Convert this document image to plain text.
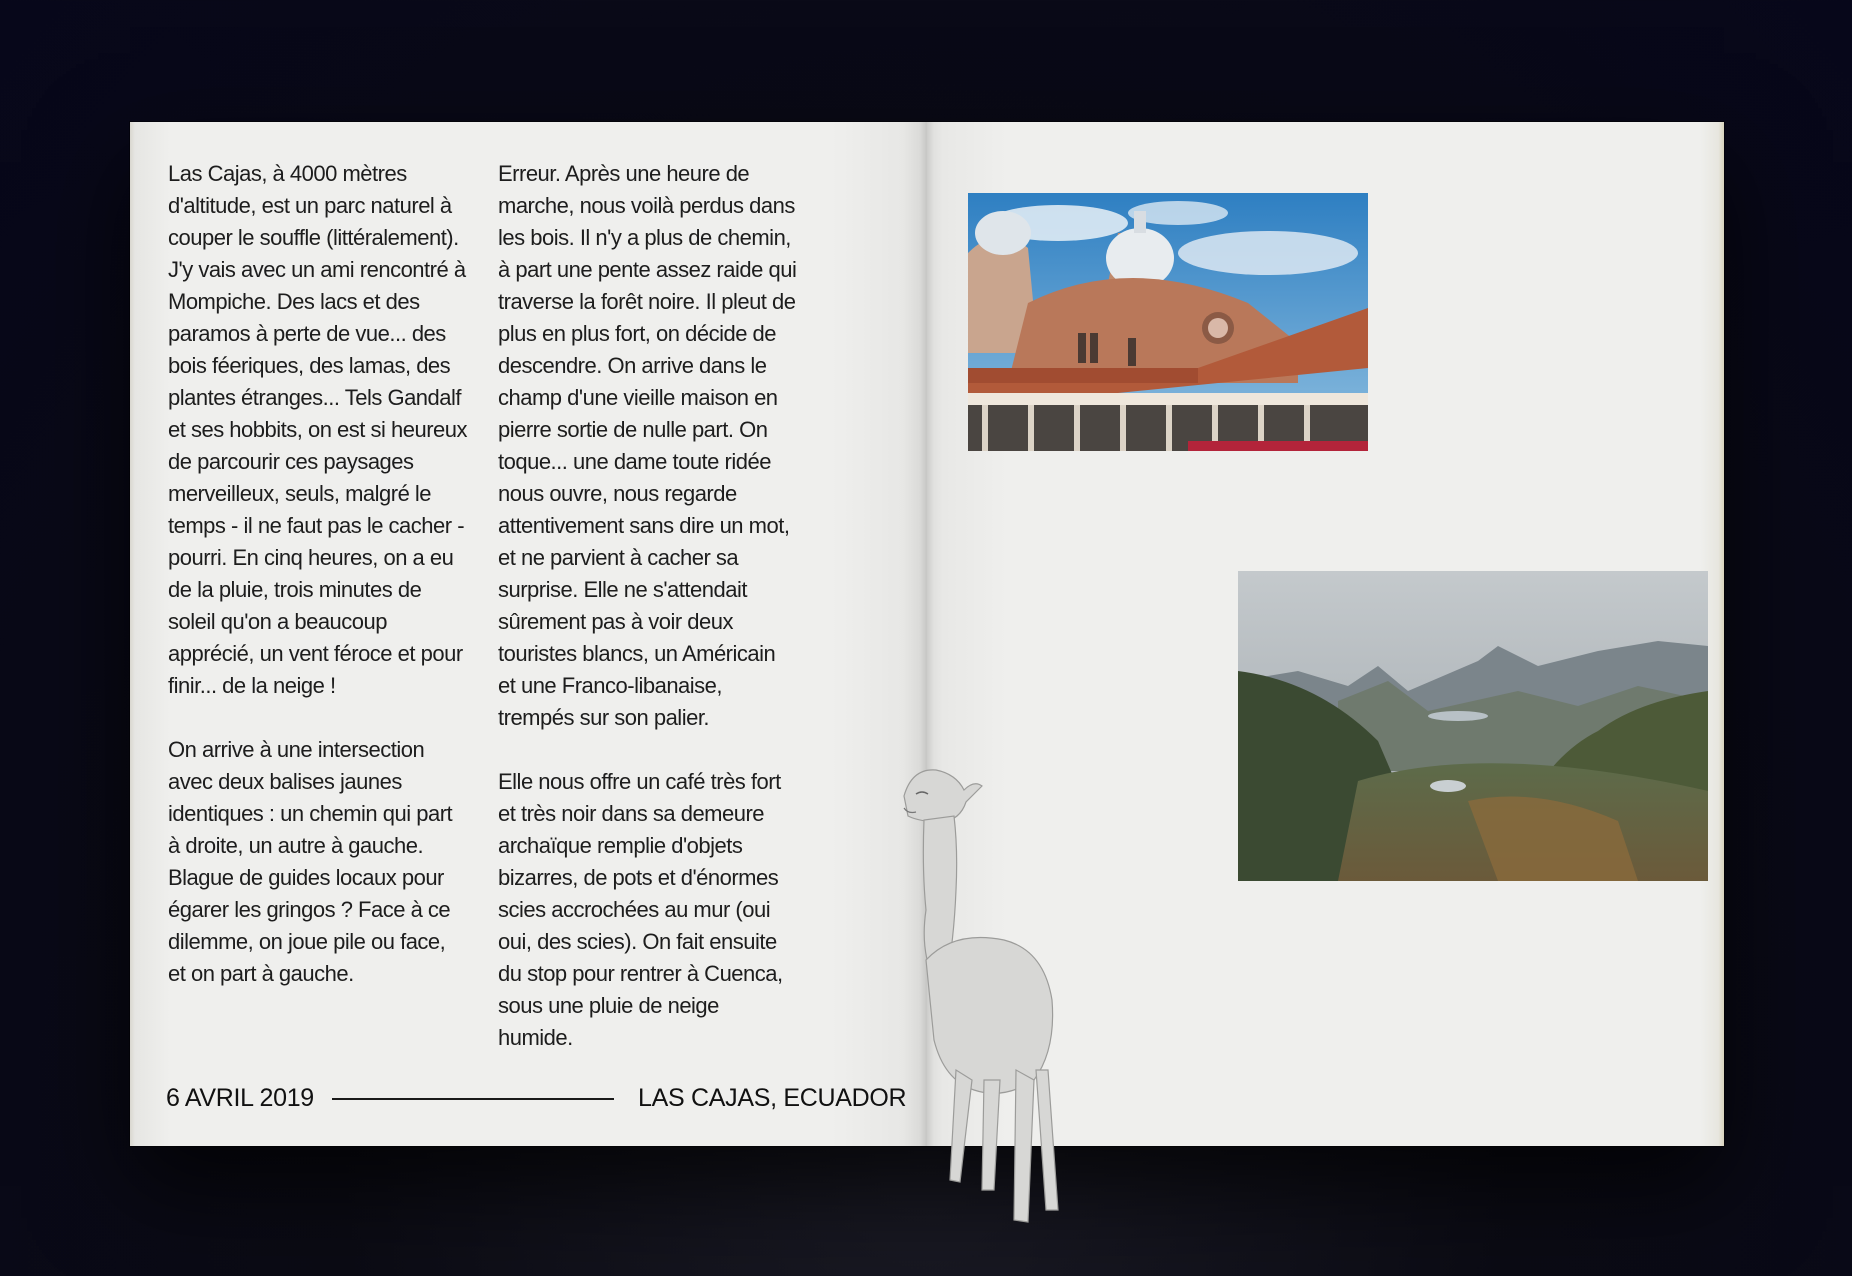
Las Cajas, à 4000 mètres d'altitude, est un parc naturel à couper le souffle (littéralement). J'y vais avec un ami rencontré à Mompiche. Des lacs et des paramos à perte de vue... des bois féeriques, des lamas, des plantes étranges... Tels Gandalf et ses hobbits, on est si heureux de parcourir ces paysages merveilleux, seuls, malgré le temps - il ne faut pas le cacher - pourri. En cinq heures, on a eu de la pluie, trois minutes de soleil qu'on a beaucoup apprécié, un vent féroce et pour finir... de la neige !

On arrive à une intersection avec deux balises jaunes identiques : un chemin qui part à droite, un autre à gauche. Blague de guides locaux pour égarer les gringos ? Face à ce dilemme, on joue pile ou face, et on part à gauche.

Erreur. Après une heure de marche, nous voilà perdus dans les bois. Il n'y a plus de chemin, à part une pente assez raide qui traverse la forêt noire. Il pleut de plus en plus fort, on décide de descendre. On arrive dans le champ d'une vieille maison en pierre sortie de nulle part. On toque... une dame toute ridée nous ouvre, nous regarde attentivement sans dire un mot, et ne parvient à cacher sa surprise. Elle ne s'attendait sûrement pas à voir deux touristes blancs, un Américain et une Franco-libanaise, trempés sur son palier.

Elle nous offre un café très fort et très noir dans sa demeure archaïque remplie d'objets bizarres, de pots et d'énormes scies accrochées au mur (oui oui, des scies). On fait ensuite du stop pour rentrer à Cuenca, sous une pluie de neige humide.

6 AVRIL 2019	LAS CAJAS, ECUADOR
